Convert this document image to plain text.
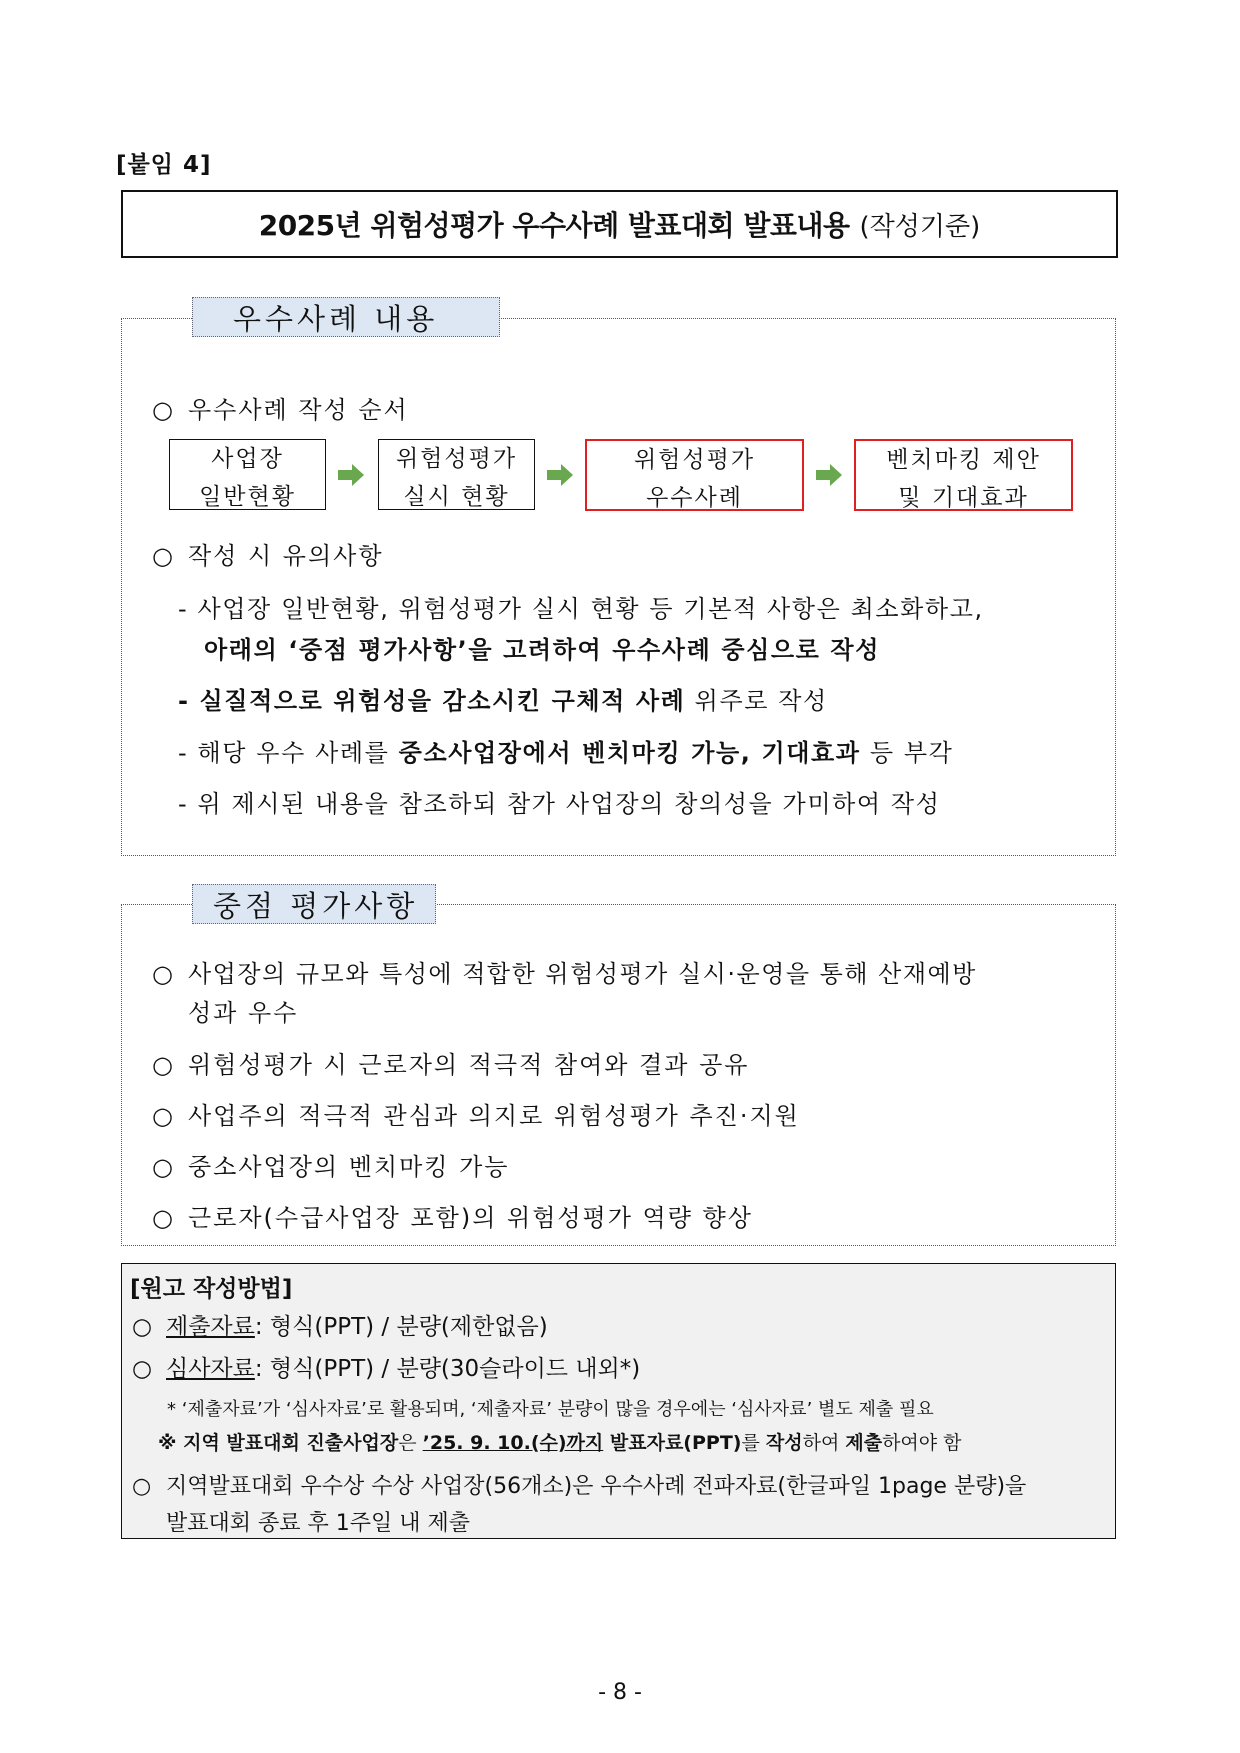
[붙임 4]
2025년 위험성평가 우수사례 발표대회 발표내용 (작성기준)
우수사례 내용
○ 우수사례 작성 순서
사업장
일반현황
위험성평가
실시 현황
위험성평가
우수사례
벤치마킹 제안
및 기대효과
○ 작성 시 유의사항
- 사업장 일반현황, 위험성평가 실시 현황 등 기본적 사항은 최소화하고,
아래의 ‘중점 평가사항’을 고려하여 우수사례 중심으로 작성
- 실질적으로 위험성을 감소시킨 구체적 사례 위주로 작성
- 해당 우수 사례를 중소사업장에서 벤치마킹 가능, 기대효과 등 부각
- 위 제시된 내용을 참조하되 참가 사업장의 창의성을 가미하여 작성
중점 평가사항
○ 사업장의 규모와 특성에 적합한 위험성평가 실시·운영을 통해 산재예방
성과 우수
○ 위험성평가 시 근로자의 적극적 참여와 결과 공유
○ 사업주의 적극적 관심과 의지로 위험성평가 추진·지원
○ 중소사업장의 벤치마킹 가능
○ 근로자(수급사업장 포함)의 위험성평가 역량 향상
[원고 작성방법]
○ 제출자료: 형식(PPT) / 분량(제한없음)
○ 심사자료: 형식(PPT) / 분량(30슬라이드 내외*)
* ‘제출자료’가 ‘심사자료’로 활용되며, ‘제출자료’ 분량이 많을 경우에는 ‘심사자료’ 별도 제출 필요
※ 지역 발표대회 진출사업장은 ’25. 9. 10.(수)까지 발표자료(PPT)를 작성하여 제출하여야 함
○ 지역발표대회 우수상 수상 사업장(56개소)은 우수사례 전파자료(한글파일 1page 분량)을
발표대회 종료 후 1주일 내 제출
- 8 -
